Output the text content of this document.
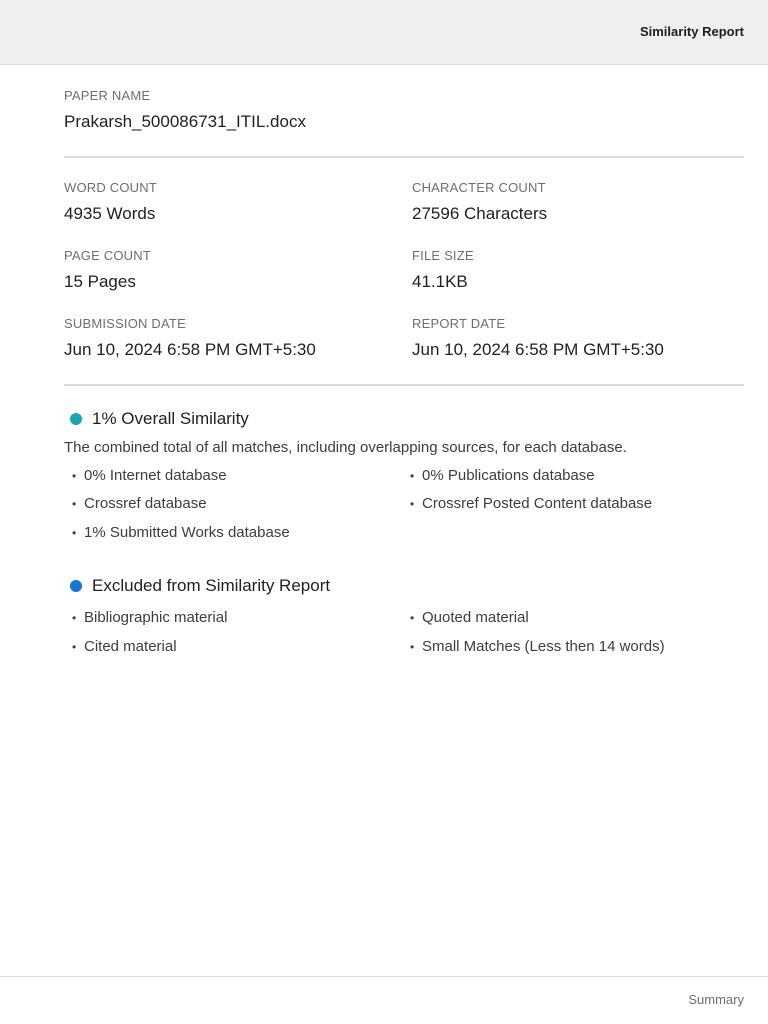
Similarity Report
PAPER NAME
Prakarsh_500086731_ITIL.docx
WORD COUNT
4935 Words
CHARACTER COUNT
27596 Characters
PAGE COUNT
15 Pages
FILE SIZE
41.1KB
SUBMISSION DATE
Jun 10, 2024 6:58 PM GMT+5:30
REPORT DATE
Jun 10, 2024 6:58 PM GMT+5:30
1% Overall Similarity
The combined total of all matches, including overlapping sources, for each database.
• 0% Internet database	• 0% Publications database
• Crossref database	• Crossref Posted Content database
• 1% Submitted Works database
Excluded from Similarity Report
• Bibliographic material	• Quoted material
• Cited material	• Small Matches (Less then 14 words)
Summary
